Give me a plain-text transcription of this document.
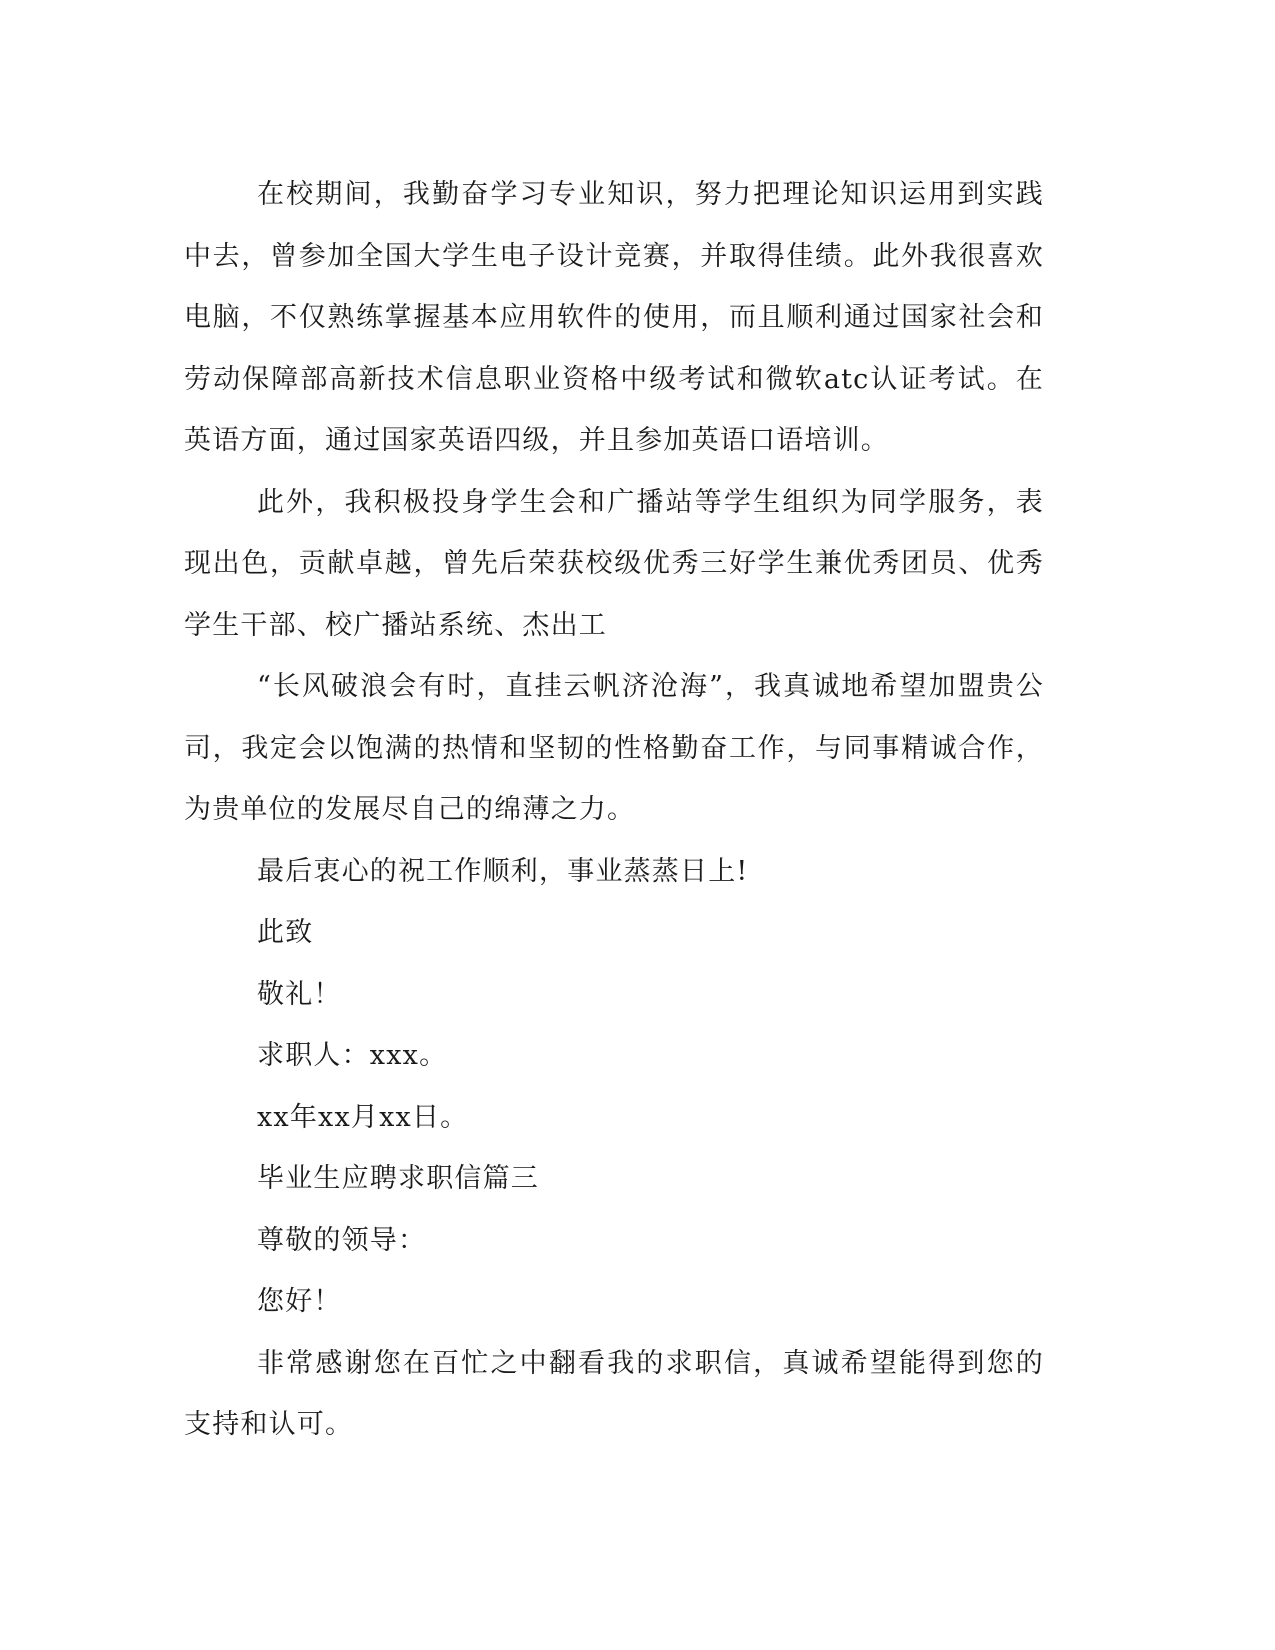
在校期间，我勤奋学习专业知识，努力把理论知识运用到实践中去，曾参加全国大学生电子设计竞赛，并取得佳绩。此外我很喜欢电脑，不仅熟练掌握基本应用软件的使用，而且顺利通过国家社会和劳动保障部高新技术信息职业资格中级考试和微软atc认证考试。在英语方面，通过国家英语四级，并且参加英语口语培训。

此外，我积极投身学生会和广播站等学生组织为同学服务，表现出色，贡献卓越，曾先后荣获校级优秀三好学生兼优秀团员、优秀学生干部、校广播站系统、杰出工

“长风破浪会有时，直挂云帆济沧海”，我真诚地希望加盟贵公司，我定会以饱满的热情和坚韧的性格勤奋工作，与同事精诚合作，为贵单位的发展尽自己的绵薄之力。

最后衷心的祝工作顺利，事业蒸蒸日上!

此致

敬礼！

求职人：xxx。

xx年xx月xx日。

毕业生应聘求职信篇三

尊敬的领导：

您好！

非常感谢您在百忙之中翻看我的求职信，真诚希望能得到您的支持和认可。
